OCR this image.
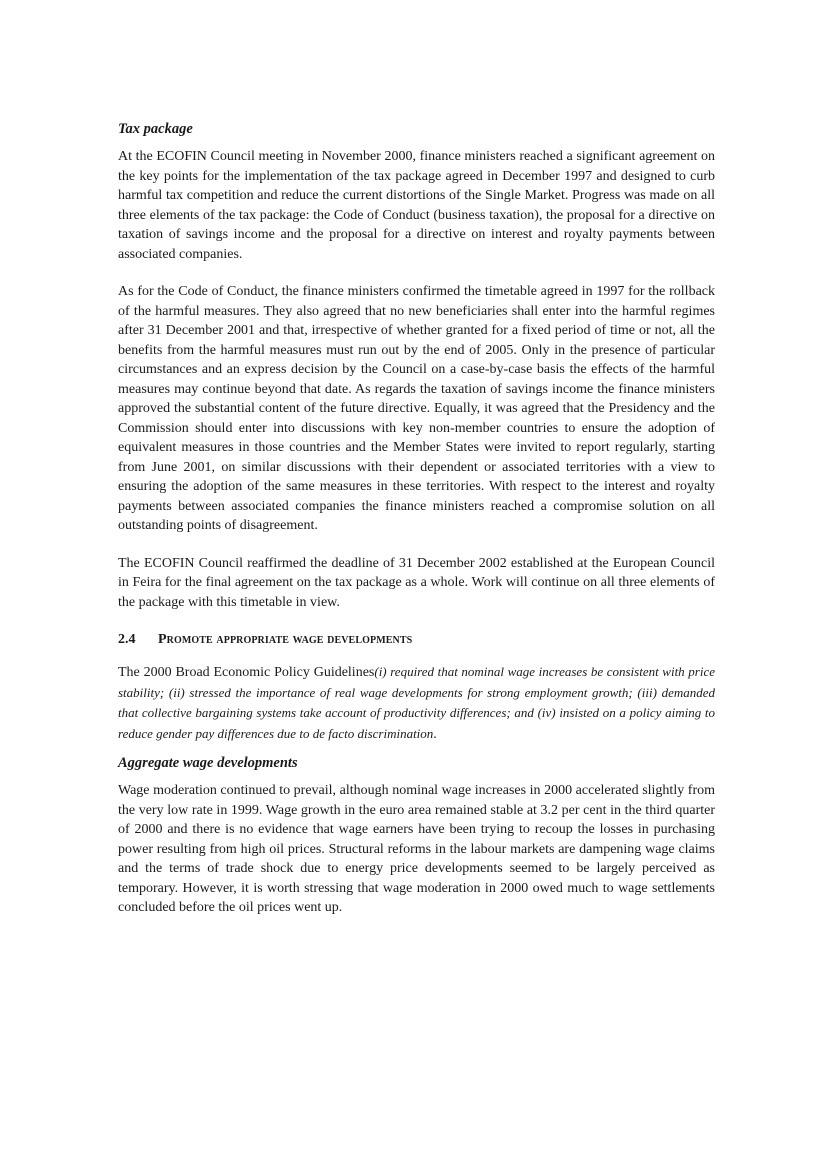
Tax package

At the ECOFIN Council meeting in November 2000, finance ministers reached a significant agreement on the key points for the implementation of the tax package agreed in December 1997 and designed to curb harmful tax competition and reduce the current distortions of the Single Market. Progress was made on all three elements of the tax package: the Code of Conduct (business taxation), the proposal for a directive on taxation of savings income and the proposal for a directive on interest and royalty payments between associated companies.

As for the Code of Conduct, the finance ministers confirmed the timetable agreed in 1997 for the rollback of the harmful measures. They also agreed that no new beneficiaries shall enter into the harmful regimes after 31 December 2001 and that, irrespective of whether granted for a fixed period of time or not, all the benefits from the harmful measures must run out by the end of 2005. Only in the presence of particular circumstances and an express decision by the Council on a case-by-case basis the effects of the harmful measures may continue beyond that date. As regards the taxation of savings income the finance ministers approved the substantial content of the future directive. Equally, it was agreed that the Presidency and the Commission should enter into discussions with key non-member countries to ensure the adoption of equivalent measures in those countries and the Member States were invited to report regularly, starting from June 2001, on similar discussions with their dependent or associated territories with a view to ensuring the adoption of the same measures in these territories. With respect to the interest and royalty payments between associated companies the finance ministers reached a compromise solution on all outstanding points of disagreement.

The ECOFIN Council reaffirmed the deadline of 31 December 2002 established at the European Council in Feira for the final agreement on the tax package as a whole. Work will continue on all three elements of the package with this timetable in view.

2.4	Promote appropriate wage developments

The 2000 Broad Economic Policy Guidelines(i) required that nominal wage increases be consistent with price stability; (ii) stressed the importance of real wage developments for strong employment growth; (iii) demanded that collective bargaining systems take account of productivity differences; and (iv) insisted on a policy aiming to reduce gender pay differences due to de facto discrimination.

Aggregate wage developments

Wage moderation continued to prevail, although nominal wage increases in 2000 accelerated slightly from the very low rate in 1999. Wage growth in the euro area remained stable at 3.2 per cent in the third quarter of 2000 and there is no evidence that wage earners have been trying to recoup the losses in purchasing power resulting from high oil prices. Structural reforms in the labour markets are dampening wage claims and the terms of trade shock due to energy price developments seemed to be largely perceived as temporary. However, it is worth stressing that wage moderation in 2000 owed much to wage settlements concluded before the oil prices went up.
